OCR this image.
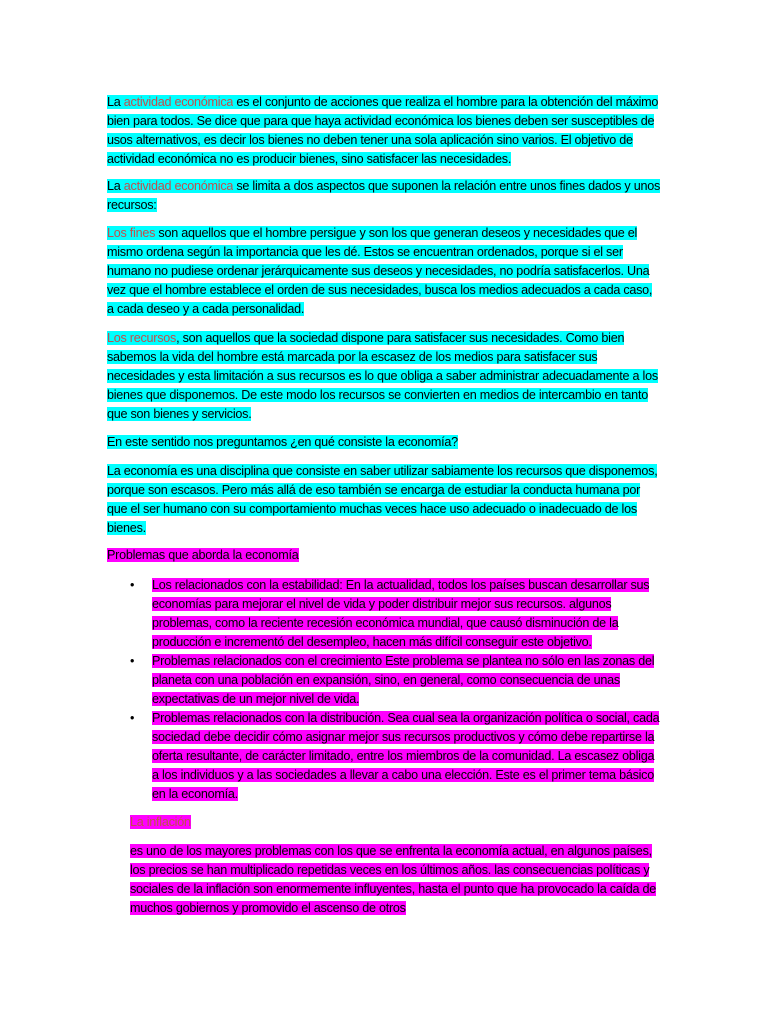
La actividad económica es el conjunto de acciones que realiza el hombre para la obtención del máximo bien para todos. Se dice que para que haya actividad económica los bienes deben ser susceptibles de usos alternativos, es decir los bienes no deben tener una sola aplicación sino varios. El objetivo de actividad económica no es producir bienes, sino satisfacer las necesidades.

La actividad económica se limita a dos aspectos que suponen la relación entre unos fines dados y unos recursos:

Los fines son aquellos que el hombre persigue y son los que generan deseos y necesidades que el mismo ordena según la importancia que les dé. Estos se encuentran ordenados, porque si el ser humano no pudiese ordenar jerárquicamente sus deseos y necesidades, no podría satisfacerlos. Una vez que el hombre establece el orden de sus necesidades, busca los medios adecuados a cada caso, a cada deseo y a cada personalidad.

Los recursos, son aquellos que la sociedad dispone para satisfacer sus necesidades. Como bien sabemos la vida del hombre está marcada por la escasez de los medios para satisfacer sus necesidades y esta limitación a sus recursos es lo que obliga a saber administrar adecuadamente a los bienes que disponemos. De este modo los recursos se convierten en medios de intercambio en tanto que son bienes y servicios.

En este sentido nos preguntamos ¿en qué consiste la economía?

La economía es una disciplina que consiste en saber utilizar sabiamente los recursos que disponemos, porque son escasos. Pero más allá de eso también se encarga de estudiar la conducta humana por que el ser humano con su comportamiento muchas veces hace uso adecuado o inadecuado de los bienes.

Problemas que aborda la economía

• Los relacionados con la estabilidad: En la actualidad, todos los países buscan desarrollar sus economías para mejorar el nivel de vida y poder distribuir mejor sus recursos. algunos problemas, como la reciente recesión económica mundial, que causó disminución de la producción e incrementó del desempleo, hacen más difícil conseguir este objetivo.
• Problemas relacionados con el crecimiento Este problema se plantea no sólo en las zonas del planeta con una población en expansión, sino, en general, como consecuencia de unas expectativas de un mejor nivel de vida.
• Problemas relacionados con la distribución. Sea cual sea la organización política o social, cada sociedad debe decidir cómo asignar mejor sus recursos productivos y cómo debe repartirse la oferta resultante, de carácter limitado, entre los miembros de la comunidad. La escasez obliga a los individuos y a las sociedades a llevar a cabo una elección. Este es el primer tema básico en la economía.

La inflación

es uno de los mayores problemas con los que se enfrenta la economía actual, en algunos países, los precios se han multiplicado repetidas veces en los últimos años. las consecuencias políticas y sociales de la inflación son enormemente influyentes, hasta el punto que ha provocado la caída de muchos gobiernos y promovido el ascenso de otros
